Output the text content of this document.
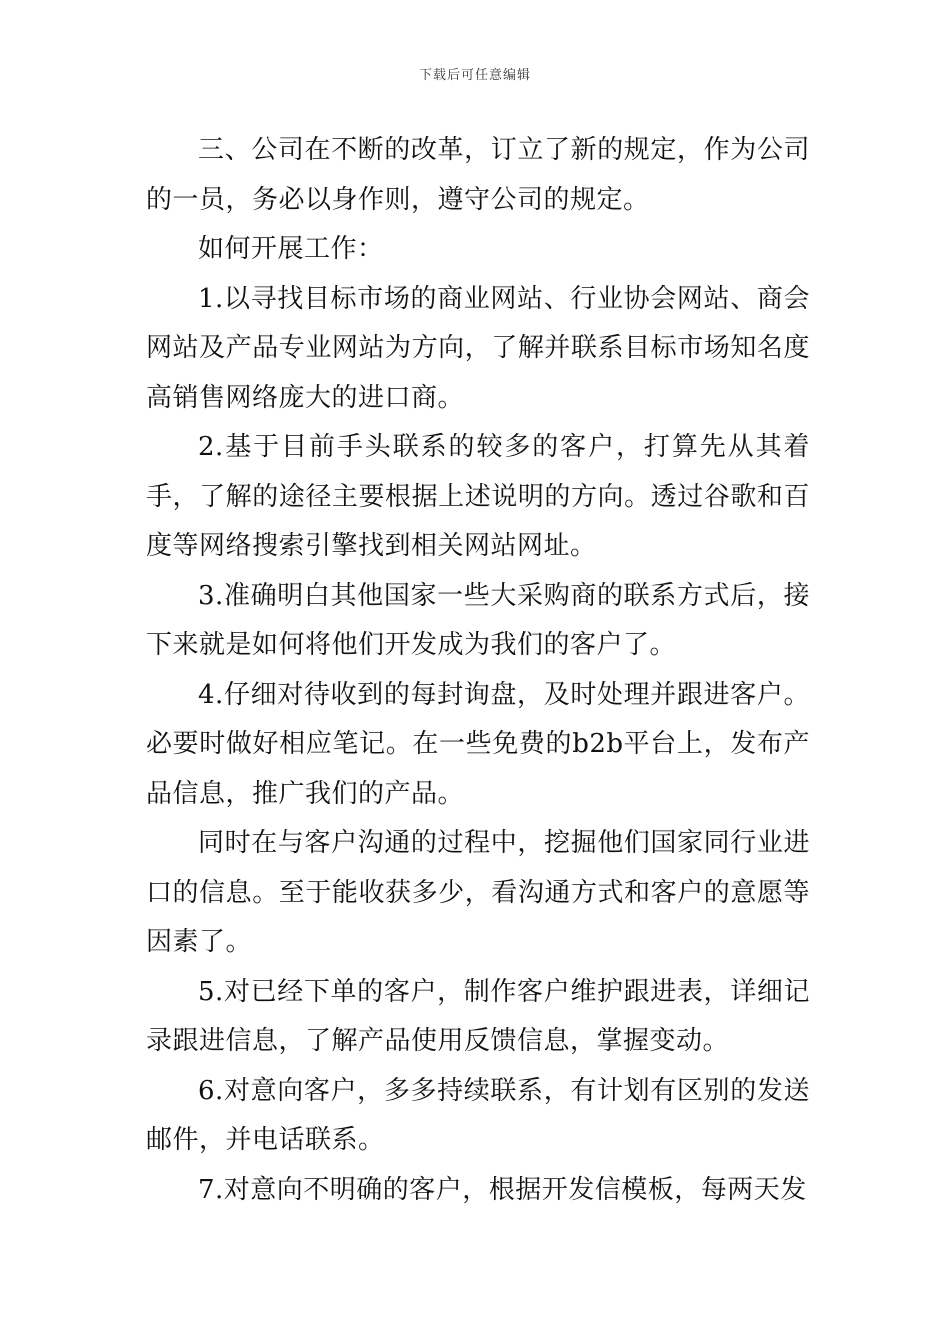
下载后可任意编辑

三、公司在不断的改革，订立了新的规定，作为公司的一员，务必以身作则，遵守公司的规定。

如何开展工作：

1.以寻找目标市场的商业网站、行业协会网站、商会网站及产品专业网站为方向，了解并联系目标市场知名度高销售网络庞大的进口商。

2.基于目前手头联系的较多的客户，打算先从其着手，了解的途径主要根据上述说明的方向。透过谷歌和百度等网络搜索引擎找到相关网站网址。

3.准确明白其他国家一些大采购商的联系方式后，接下来就是如何将他们开发成为我们的客户了。

4.仔细对待收到的每封询盘，及时处理并跟进客户。必要时做好相应笔记。在一些免费的b2b平台上，发布产品信息，推广我们的产品。

同时在与客户沟通的过程中，挖掘他们国家同行业进口的信息。至于能收获多少，看沟通方式和客户的意愿等因素了。

5.对已经下单的客户，制作客户维护跟进表，详细记录跟进信息，了解产品使用反馈信息，掌握变动。

6.对意向客户，多多持续联系，有计划有区别的发送邮件，并电话联系。

7.对意向不明确的客户，根据开发信模板，每两天发
